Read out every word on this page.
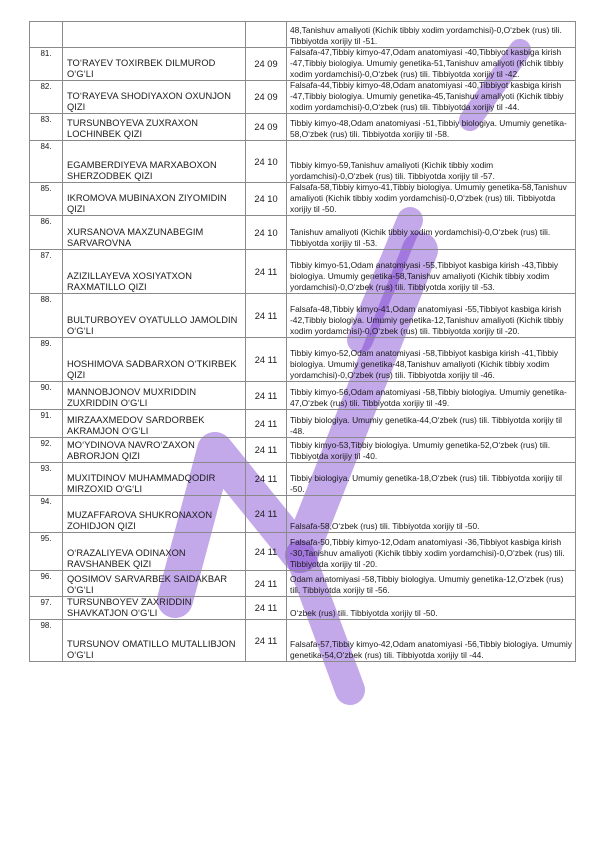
			48,Tanishuv amaliyoti (Kichik tibbiy xodim yordamchisi)-0,O‘zbek (rus) tili. Tibbiyotda xorijiy til -51.

81.	TO‘RAYEV TOXIRBEK DILMUROD O‘G‘LI	24 09	Falsafa-47,Tibbiy kimyo-47,Odam anatomiyasi -40,Tibbiyot kasbiga kirish -47,Tibbiy biologiya. Umumiy genetika-51,Tanishuv amaliyoti (Kichik tibbiy xodim yordamchisi)-0,O‘zbek (rus) tili. Tibbiyotda xorijiy til -42.

82.	TO‘RAYEVA SHODIYAXON OXUNJON QIZI	24 09	Falsafa-44,Tibbiy kimyo-48,Odam anatomiyasi -40,Tibbiyot kasbiga kirish -47,Tibbiy biologiya. Umumiy genetika-45,Tanishuv amaliyoti (Kichik tibbiy xodim yordamchisi)-0,O‘zbek (rus) tili. Tibbiyotda xorijiy til -44.

83.	TURSUNBOYEVA ZUXRAXON LOCHINBEK QIZI	24 09	Tibbiy kimyo-48,Odam anatomiyasi -51,Tibbiy biologiya. Umumiy genetika-58,O‘zbek (rus) tili. Tibbiyotda xorijiy til -58.

84.	EGAMBERDIYEVA MARXABOXON SHERZODBEK QIZI	24 10	Tibbiy kimyo-59,Tanishuv amaliyoti (Kichik tibbiy xodim yordamchisi)-0,O‘zbek (rus) tili. Tibbiyotda xorijiy til -57.

85.	IKROMOVA MUBINAXON ZIYOMIDIN QIZI	24 10	Falsafa-58,Tibbiy kimyo-41,Tibbiy biologiya. Umumiy genetika-58,Tanishuv amaliyoti (Kichik tibbiy xodim yordamchisi)-0,O‘zbek (rus) tili. Tibbiyotda xorijiy til -50.

86.	XURSANOVA MAXZUNABEGIM SARVAROVNA	24 10	Tanishuv amaliyoti (Kichik tibbiy xodim yordamchisi)-0,O‘zbek (rus) tili. Tibbiyotda xorijiy til -53.

87.	AZIZILLAYEVA XOSIYATXON RAXMATILLO QIZI	24 11	Tibbiy kimyo-51,Odam anatomiyasi -55,Tibbiyot kasbiga kirish -43,Tibbiy biologiya. Umumiy genetika-58,Tanishuv amaliyoti (Kichik tibbiy xodim yordamchisi)-0,O‘zbek (rus) tili. Tibbiyotda xorijiy til -53.

88.	BULTURBOYEV OYATULLO JAMOLDIN O‘G‘LI	24 11	Falsafa-48,Tibbiy kimyo-41,Odam anatomiyasi -55,Tibbiyot kasbiga kirish -42,Tibbiy biologiya. Umumiy genetika-12,Tanishuv amaliyoti (Kichik tibbiy xodim yordamchisi)-0,O‘zbek (rus) tili. Tibbiyotda xorijiy til -20.

89.	HOSHIMOVA SADBARXON O‘TKIRBEK QIZI	24 11	Tibbiy kimyo-52,Odam anatomiyasi -58,Tibbiyot kasbiga kirish -41,Tibbiy biologiya. Umumiy genetika-48,Tanishuv amaliyoti (Kichik tibbiy xodim yordamchisi)-0,O‘zbek (rus) tili. Tibbiyotda xorijiy til -46.

90.	MANNOBJONOV MUXRIDDIN ZUXRIDDIN O‘G‘LI	24 11	Tibbiy kimyo-56,Odam anatomiyasi -58,Tibbiy biologiya. Umumiy genetika-47,O‘zbek (rus) tili. Tibbiyotda xorijiy til -49.

91.	MIRZAAXMEDOV SARDORBEK AKRAMJON O‘G‘LI	24 11	Tibbiy biologiya. Umumiy genetika-44,O‘zbek (rus) tili. Tibbiyotda xorijiy til -48.

92.	MO‘YDINOVA NAVRO‘ZAXON ABRORJON QIZI	24 11	Tibbiy kimyo-53,Tibbiy biologiya. Umumiy genetika-52,O‘zbek (rus) tili. Tibbiyotda xorijiy til -40.

93.	MUXITDINOV MUHAMMADQODIR MIRZOXID O‘G‘LI	24 11	Tibbiy biologiya. Umumiy genetika-18,O‘zbek (rus) tili. Tibbiyotda xorijiy til -50.

94.	MUZAFFAROVA SHUKRONAXON ZOHIDJON QIZI	24 11	Falsafa-58,O‘zbek (rus) tili. Tibbiyotda xorijiy til -50.

95.	O‘RAZALIYEVA ODINAXON RAVSHANBEK QIZI	24 11	Falsafa-50,Tibbiy kimyo-12,Odam anatomiyasi -36,Tibbiyot kasbiga kirish -30,Tanishuv amaliyoti (Kichik tibbiy xodim yordamchisi)-0,O‘zbek (rus) tili. Tibbiyotda xorijiy til -20.

96.	QOSIMOV SARVARBEK SAIDAKBAR O‘G‘LI	24 11	Odam anatomiyasi -58,Tibbiy biologiya. Umumiy genetika-12,O‘zbek (rus) tili. Tibbiyotda xorijiy til -56.

97.	TURSUNBOYEV ZAXRIDDIN SHAVKATJON O‘G‘LI	24 11	O‘zbek (rus) tili. Tibbiyotda xorijiy til -50.

98.	TURSUNOV OMATILLO MUTALLIBJON O‘G‘LI	24 11	Falsafa-57,Tibbiy kimyo-42,Odam anatomiyasi -56,Tibbiy biologiya. Umumiy genetika-54,O‘zbek (rus) tili. Tibbiyotda xorijiy til -44.
